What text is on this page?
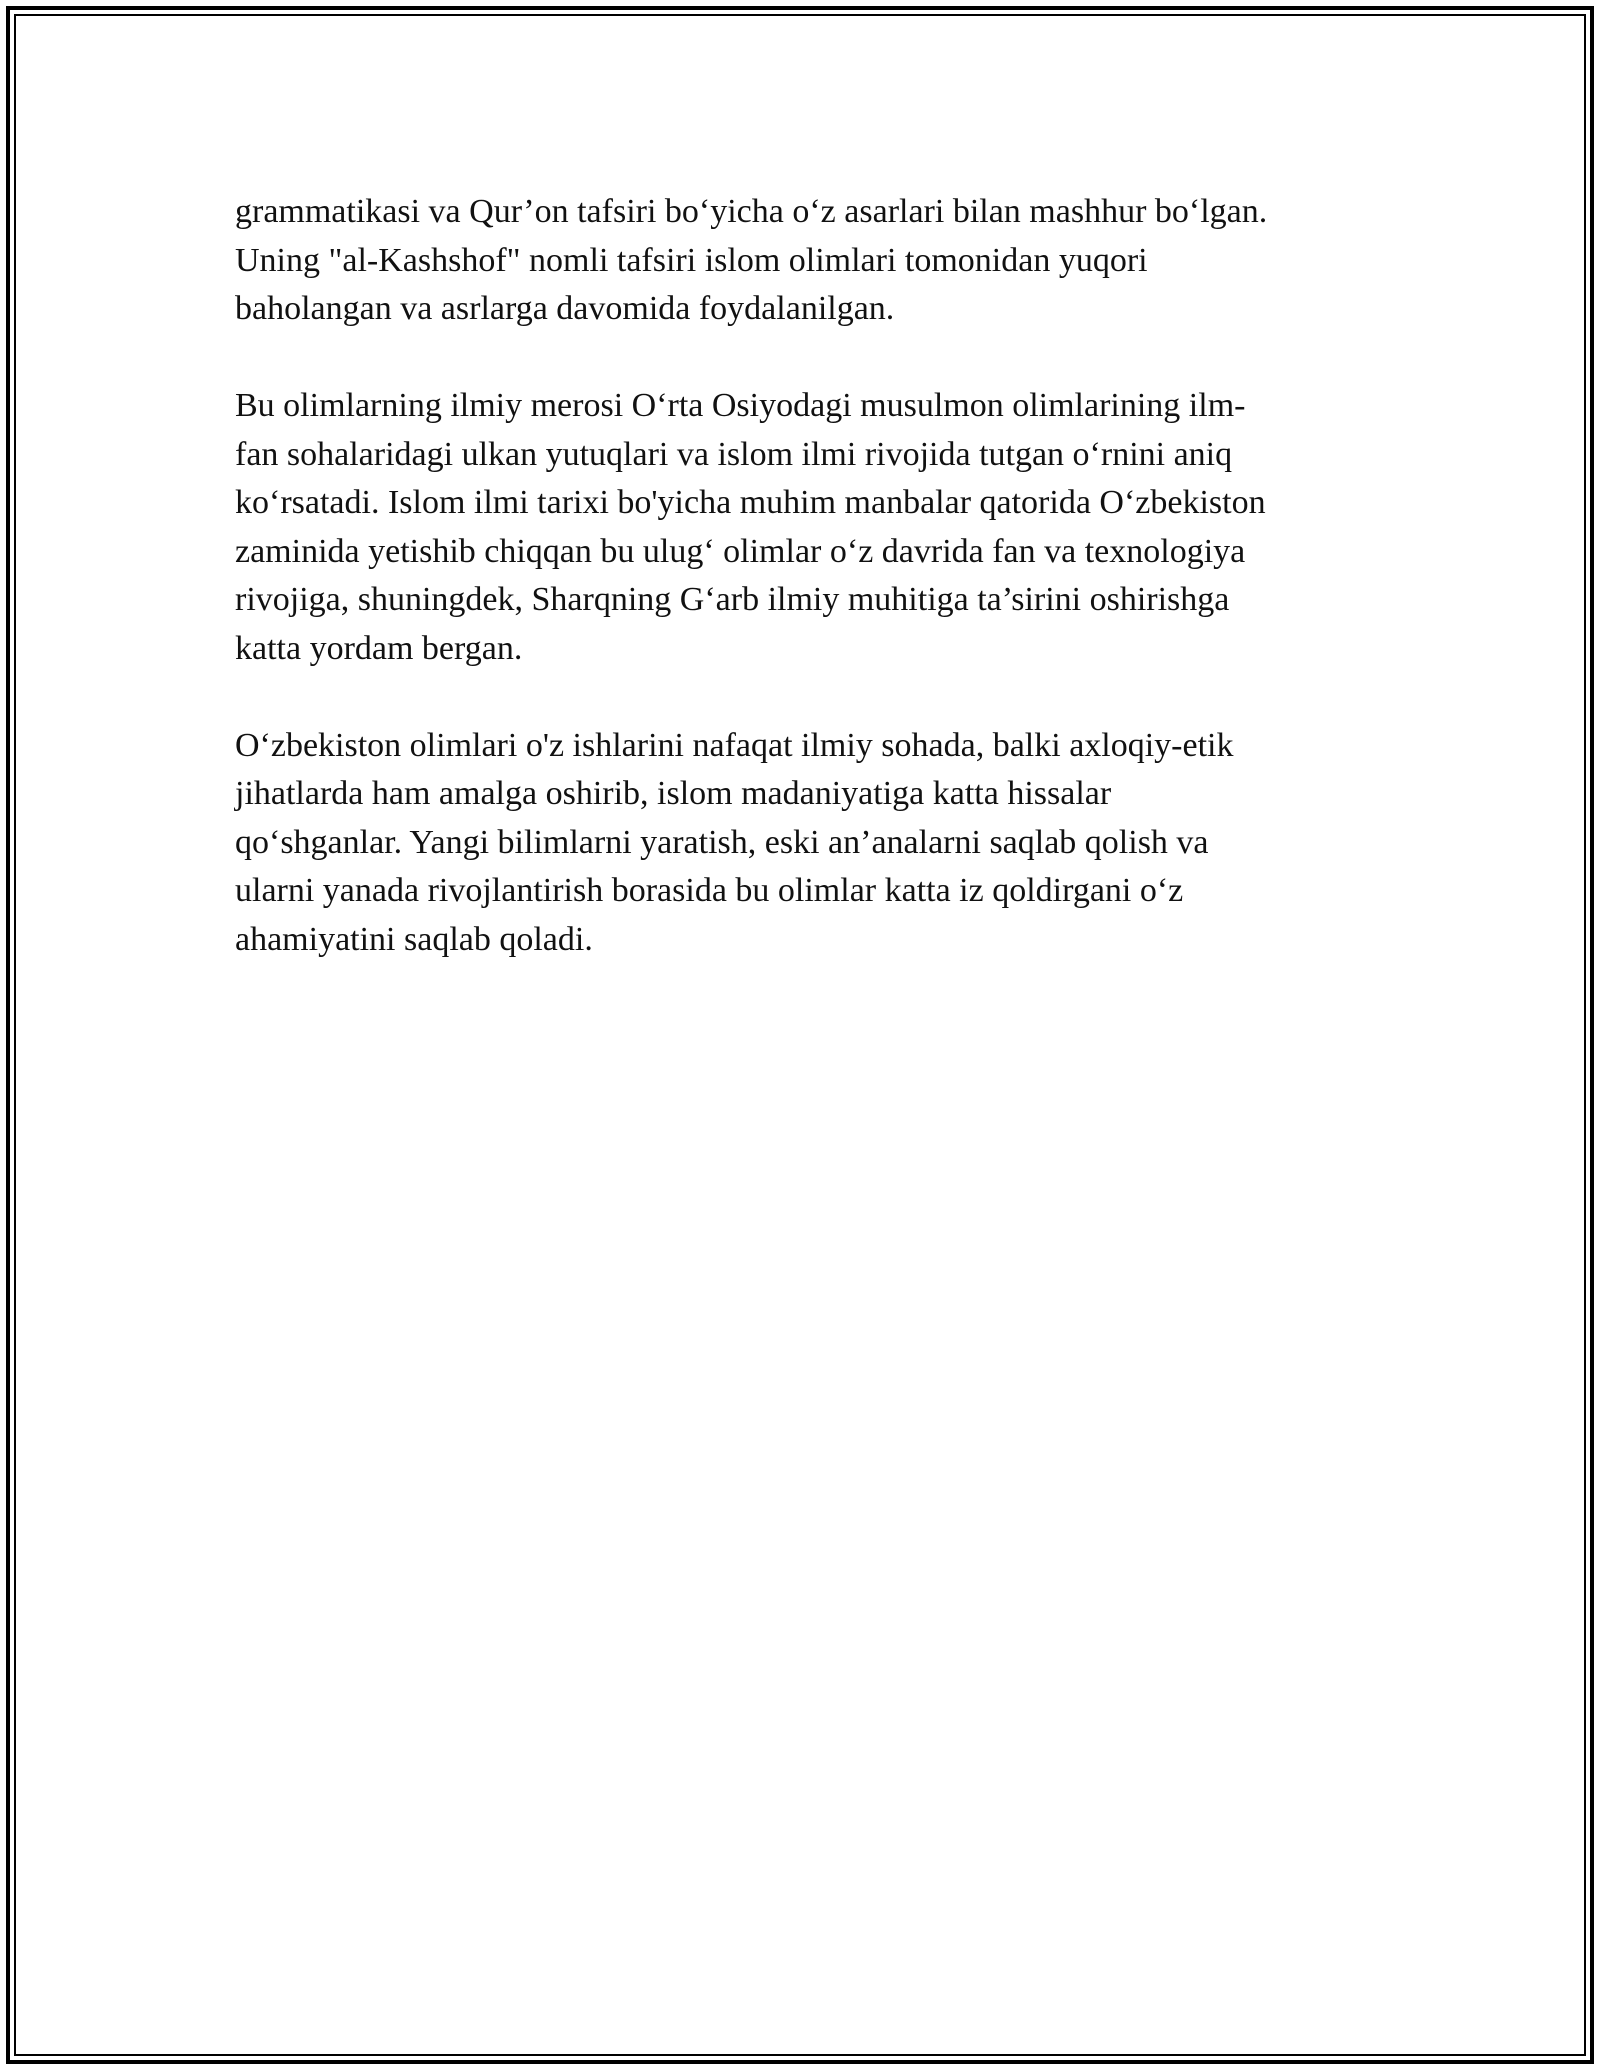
grammatikasi va Qur’on tafsiri bo‘yicha o‘z asarlari bilan mashhur bo‘lgan.
Uning "al-Kashshof" nomli tafsiri islom olimlari tomonidan yuqori
baholangan va asrlarga davomida foydalanilgan.

Bu olimlarning ilmiy merosi O‘rta Osiyodagi musulmon olimlarining ilm-
fan sohalaridagi ulkan yutuqlari va islom ilmi rivojida tutgan o‘rnini aniq
ko‘rsatadi. Islom ilmi tarixi bo'yicha muhim manbalar qatorida O‘zbekiston
zaminida yetishib chiqqan bu ulug‘ olimlar o‘z davrida fan va texnologiya
rivojiga, shuningdek, Sharqning G‘arb ilmiy muhitiga ta’sirini oshirishga
katta yordam bergan.

O‘zbekiston olimlari o'z ishlarini nafaqat ilmiy sohada, balki axloqiy-etik
jihatlarda ham amalga oshirib, islom madaniyatiga katta hissalar
qo‘shganlar. Yangi bilimlarni yaratish, eski an’analarni saqlab qolish va
ularni yanada rivojlantirish borasida bu olimlar katta iz qoldirgani o‘z
ahamiyatini saqlab qoladi.
